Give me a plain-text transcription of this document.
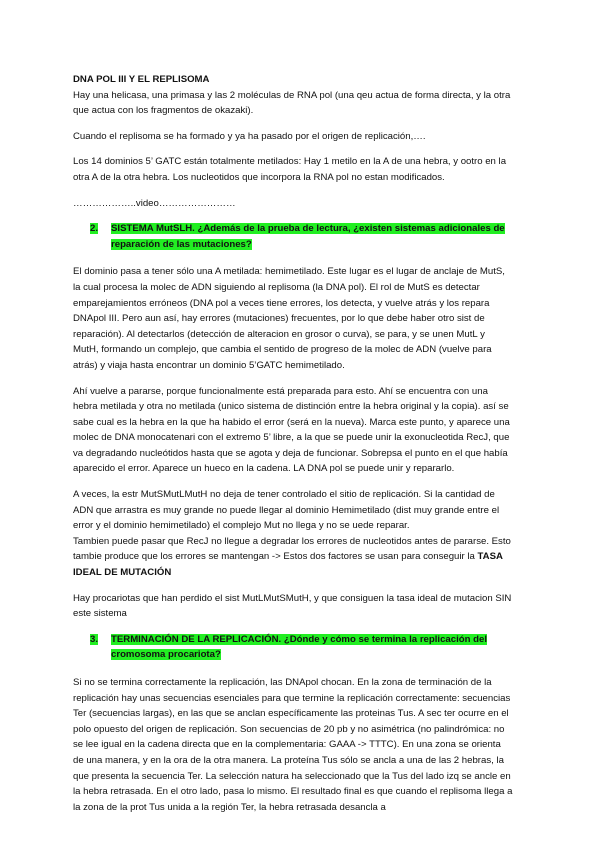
DNA POL III Y EL REPLISOMA

Hay una helicasa, una primasa y las 2 moléculas de RNA pol (una qeu actua de forma directa, y la otra que actua con los fragmentos de okazaki).

Cuando el replisoma se ha formado y ya ha pasado por el origen de replicación,….

Los 14 dominios 5’ GATC están totalmente metilados: Hay 1 metilo en la A de una hebra, y ootro en la otra A de la otra hebra. Los nucleotidos que incorpora la RNA pol no estan modificados.

………………..video……………………

2.	SISTEMA MutSLH. ¿Además de la prueba de lectura, ¿existen sistemas adicionales de reparación de las mutaciones?

El dominio pasa a tener sólo una A metilada: hemimetilado. Este lugar es el lugar de anclaje de MutS, la cual procesa la molec de ADN siguiendo al replisoma (la DNA pol). El rol de MutS es detectar emparejamientos erróneos (DNA pol a veces tiene errores, los detecta, y vuelve atrás y los repara DNApol III. Pero aun así, hay errores (mutaciones) frecuentes, por lo que debe haber otro sist de reparación). Al detectarlos (detección de alteracion en grosor o curva), se para, y se unen MutL y MutH, formando un complejo, que cambia el sentido de progreso de la molec de ADN (vuelve para atrás) y viaja hasta encontrar un dominio 5’GATC hemimetilado.

Ahí vuelve a pararse, porque funcionalmente está preparada para esto. Ahí se encuentra con una hebra metilada y otra no metilada (unico sistema de distinción entre la hebra original y la copia). así se sabe cual es la hebra en la que ha habido el error (será en la nueva). Marca este punto, y aparece una molec de DNA monocatenari con el extremo 5’ libre, a la que se puede unir la exonucleotida RecJ, que va degradando nucleótidos hasta que se agota y deja de funcionar. Sobrepsa el punto en el que había aparecido el error. Aparece un hueco en la cadena. LA DNA pol se puede unir y repararlo.

A veces, la estr MutSMutLMutH no deja de tener controlado el sitio de replicación. Si la cantidad de ADN que arrastra es muy grande no puede llegar al dominio Hemimetilado (dist muy grande entre el error y el dominio hemimetilado) el complejo Mut no llega y no se uede reparar.

Tambien puede pasar que RecJ no llegue a degradar los errores de nucleotidos antes de pararse. Esto tambie produce que los errores se mantengan -> Estos dos factores se usan para conseguir la TASA IDEAL DE MUTACIÓN

Hay procariotas que han perdido el sist MutLMutSMutH, y que consiguen la tasa ideal de mutacion SIN este sistema

3.	TERMINACIÓN DE LA REPLICACIÓN. ¿Dónde y cómo se termina la replicación del cromosoma procariota?

Si no se termina correctamente la replicación, las DNApol chocan. En la zona de terminación de la replicación hay unas secuencias esenciales para que termine la replicación correctamente: secuencias Ter (secuencias largas), en las que se anclan específicamente las proteinas Tus. A sec ter ocurre en el polo opuesto del origen de replicación. Son secuencias de 20 pb y no asimétrica (no palindrómica: no se lee igual en la cadena directa que en la complementaria: GAAA -> TTTC). En una zona se orienta de una manera, y en la ora de la otra manera. La proteína Tus sólo se ancla a una de las 2 hebras, la que presenta la secuencia Ter. La selección natura ha seleccionado que la Tus del lado izq se ancle en la hebra retrasada. En el otro lado, pasa lo mismo. El resultado final es que cuando el replisoma llega a la zona de la prot Tus unida a la región Ter, la hebra retrasada desancla a
